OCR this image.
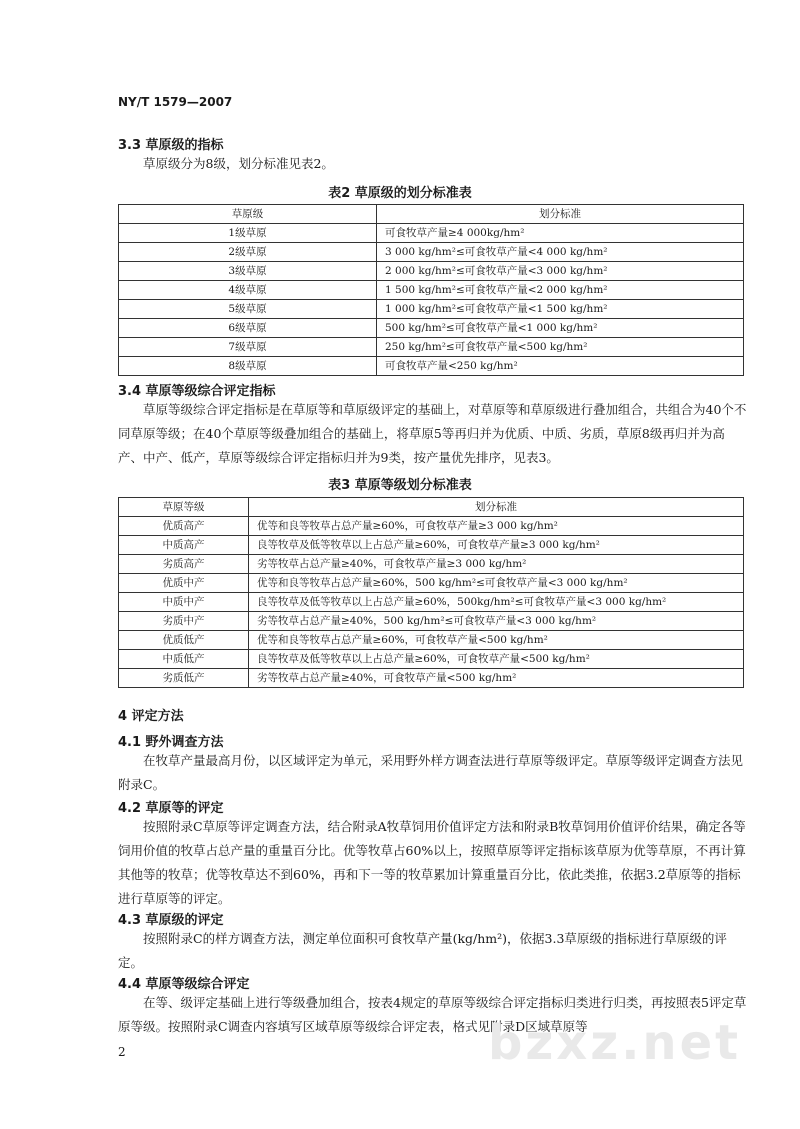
NY/T 1579—2007
3.3 草原级的指标
草原级分为8级，划分标准见表2。
表2 草原级的划分标准表
草原级	划分标准
1级草原	可食牧草产量≥4 000kg/hm²
2级草原	3 000 kg/hm²≤可食牧草产量<4 000 kg/hm²
3级草原	2 000 kg/hm²≤可食牧草产量<3 000 kg/hm²
4级草原	1 500 kg/hm²≤可食牧草产量<2 000 kg/hm²
5级草原	1 000 kg/hm²≤可食牧草产量<1 500 kg/hm²
6级草原	500 kg/hm²≤可食牧草产量<1 000 kg/hm²
7级草原	250 kg/hm²≤可食牧草产量<500 kg/hm²
8级草原	可食牧草产量<250 kg/hm²
3.4 草原等级综合评定指标
草原等级综合评定指标是在草原等和草原级评定的基础上，对草原等和草原级进行叠加组合，共组合为40个不同草原等级；在40个草原等级叠加组合的基础上，将草原5等再归并为优质、中质、劣质，草原8级再归并为高产、中产、低产，草原等级综合评定指标归并为9类，按产量优先排序，见表3。
表3 草原等级划分标准表
草原等级	划分标准
优质高产	优等和良等牧草占总产量≥60%，可食牧草产量≥3 000 kg/hm²
中质高产	良等牧草及低等牧草以上占总产量≥60%，可食牧草产量≥3 000 kg/hm²
劣质高产	劣等牧草占总产量≥40%，可食牧草产量≥3 000 kg/hm²
优质中产	优等和良等牧草占总产量≥60%，500 kg/hm²≤可食牧草产量<3 000 kg/hm²
中质中产	良等牧草及低等牧草以上占总产量≥60%，500kg/hm²≤可食牧草产量<3 000 kg/hm²
劣质中产	劣等牧草占总产量≥40%，500 kg/hm²≤可食牧草产量<3 000 kg/hm²
优质低产	优等和良等牧草占总产量≥60%，可食牧草产量<500 kg/hm²
中质低产	良等牧草及低等牧草以上占总产量≥60%，可食牧草产量<500 kg/hm²
劣质低产	劣等牧草占总产量≥40%，可食牧草产量<500 kg/hm²
4 评定方法
4.1 野外调查方法
在牧草产量最高月份，以区域评定为单元，采用野外样方调查法进行草原等级评定。草原等级评定调查方法见附录C。
4.2 草原等的评定
按照附录C草原等评定调查方法，结合附录A牧草饲用价值评定方法和附录B牧草饲用价值评价结果，确定各等饲用价值的牧草占总产量的重量百分比。优等牧草占60%以上，按照草原等评定指标该草原为优等草原，不再计算其他等的牧草；优等牧草达不到60%，再和下一等的牧草累加计算重量百分比，依此类推，依据3.2草原等的指标进行草原等的评定。
4.3 草原级的评定
按照附录C的样方调查方法，测定单位面积可食牧草产量(kg/hm²)，依据3.3草原级的指标进行草原级的评定。
4.4 草原等级综合评定
在等、级评定基础上进行等级叠加组合，按表4规定的草原等级综合评定指标归类进行归类，再按照表5评定草原等级。按照附录C调查内容填写区域草原等级综合评定表，格式见附录D区域草原等
bzxz.net
2
